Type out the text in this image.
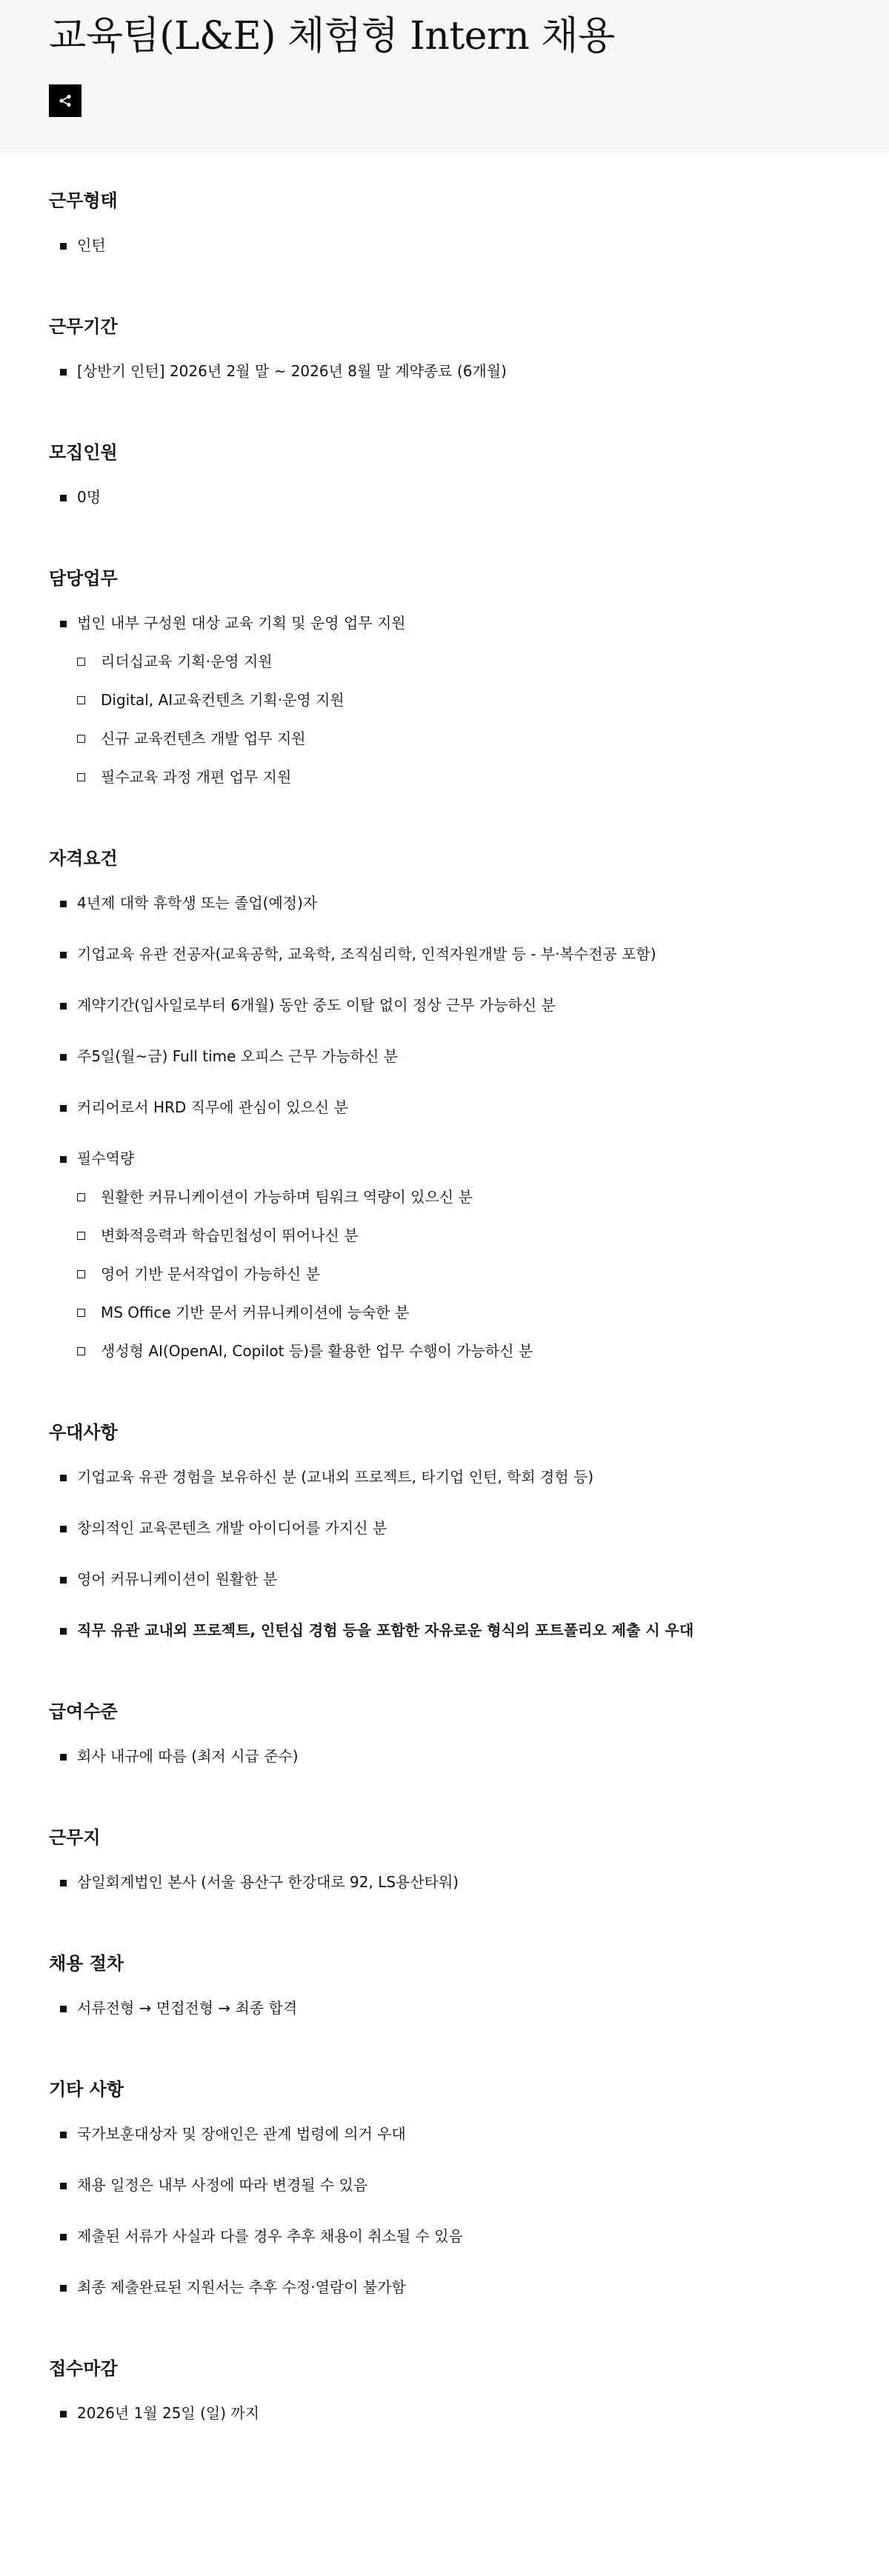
교육팀(L&E) 체험형 Intern 채용
근무형태
인턴
근무기간
[상반기 인턴] 2026년 2월 말 ~ 2026년 8월 말 계약종료 (6개월)
모집인원
0명
담당업무
법인 내부 구성원 대상 교육 기획 및 운영 업무 지원
리더십교육 기획·운영 지원
Digital, AI교육컨텐츠 기획·운영 지원
신규 교육컨텐츠 개발 업무 지원
필수교육 과정 개편 업무 지원
자격요건
4년제 대학 휴학생 또는 졸업(예정)자
기업교육 유관 전공자(교육공학, 교육학, 조직심리학, 인적자원개발 등 - 부·복수전공 포함)
계약기간(입사일로부터 6개월) 동안 중도 이탈 없이 정상 근무 가능하신 분
주5일(월~금) Full time 오피스 근무 가능하신 분
커리어로서 HRD 직무에 관심이 있으신 분
필수역량
원활한 커뮤니케이션이 가능하며 팀워크 역량이 있으신 분
변화적응력과 학습민첩성이 뛰어나신 분
영어 기반 문서작업이 가능하신 분
MS Office 기반 문서 커뮤니케이션에 능숙한 분
생성형 AI(OpenAI, Copilot 등)를 활용한 업무 수행이 가능하신 분
우대사항
기업교육 유관 경험을 보유하신 분 (교내외 프로젝트, 타기업 인턴, 학회 경험 등)
창의적인 교육콘텐츠 개발 아이디어를 가지신 분
영어 커뮤니케이션이 원활한 분
직무 유관 교내외 프로젝트, 인턴십 경험 등을 포함한 자유로운 형식의 포트폴리오 제출 시 우대
급여수준
회사 내규에 따름 (최저 시급 준수)
근무지
삼일회계법인 본사 (서울 용산구 한강대로 92, LS용산타워)
채용 절차
서류전형 → 면접전형 → 최종 합격
기타 사항
국가보훈대상자 및 장애인은 관계 법령에 의거 우대
채용 일정은 내부 사정에 따라 변경될 수 있음
제출된 서류가 사실과 다를 경우 추후 채용이 취소될 수 있음
최종 제출완료된 지원서는 추후 수정·열람이 불가함
접수마감
2026년 1월 25일 (일) 까지
